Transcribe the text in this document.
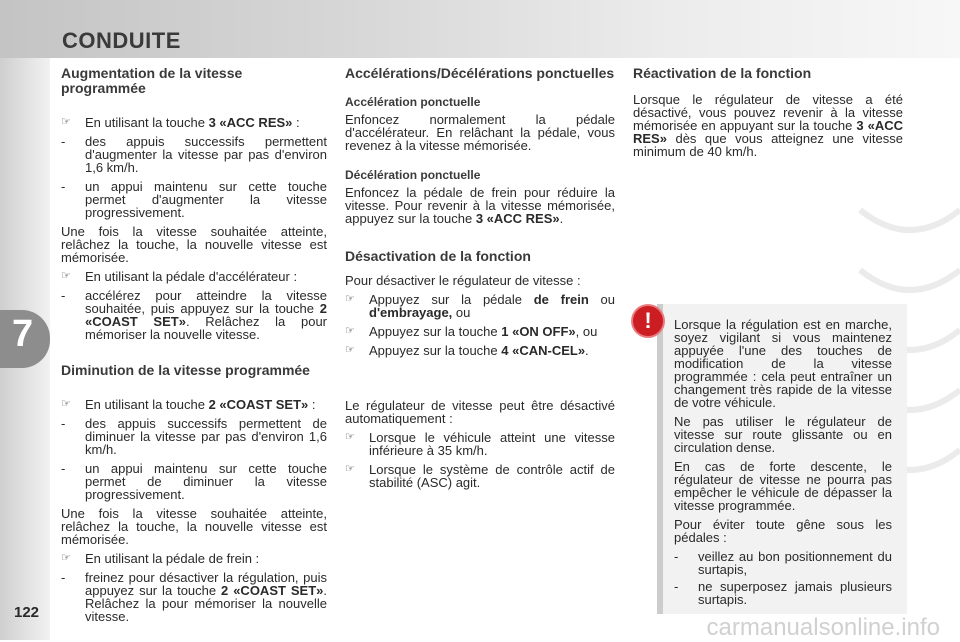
CONDUITE
7
122
Augmentation de la vitesse programmée
☞ En utilisant la touche 3 «ACC RES» :
- des appuis successifs permettent d'augmenter la vitesse par pas d'environ 1,6 km/h.
- un appui maintenu sur cette touche permet d'augmenter la vitesse progressivement.

Une fois la vitesse souhaitée atteinte, relâchez la touche, la nouvelle vitesse est mémorisée.

☞ En utilisant la pédale d'accélérateur :
- accélérez pour atteindre la vitesse souhaitée, puis appuyez sur la touche 2 «COAST SET». Relâchez la pour mémoriser la nouvelle vitesse.
Diminution de la vitesse programmée
☞ En utilisant la touche 2 «COAST SET» :
- des appuis successifs permettent de diminuer la vitesse par pas d'environ 1,6 km/h.
- un appui maintenu sur cette touche permet de diminuer la vitesse progressivement.

Une fois la vitesse souhaitée atteinte, relâchez la touche, la nouvelle vitesse est mémorisée.

☞ En utilisant la pédale de frein :
- freinez pour désactiver la régulation, puis appuyez sur la touche 2 «COAST SET». Relâchez la pour mémoriser la nouvelle vitesse.
Accélérations/Décélérations ponctuelles
Accélération ponctuelle

Enfoncez normalement la pédale d'accélérateur. En relâchant la pédale, vous revenez à la vitesse mémorisée.

Décélération ponctuelle

Enfoncez la pédale de frein pour réduire la vitesse. Pour revenir à la vitesse mémorisée, appuyez sur la touche 3 «ACC RES».

Désactivation de la fonction

Pour désactiver le régulateur de vitesse :

☞ Appuyez sur la pédale de frein ou d'embrayage, ou
☞ Appuyez sur la touche 1 «ON OFF», ou
☞ Appuyez sur la touche 4 «CAN-CEL».

Le régulateur de vitesse peut être désactivé automatiquement :

☞ Lorsque le véhicule atteint une vitesse inférieure à 35 km/h.
☞ Lorsque le système de contrôle actif de stabilité (ASC) agit.
Réactivation de la fonction

Lorsque le régulateur de vitesse a été désactivé, vous pouvez revenir à la vitesse mémorisée en appuyant sur la touche 3 «ACC RES» dès que vous atteignez une vitesse minimum de 40 km/h.

!	Lorsque la régulation est en marche, soyez vigilant si vous maintenez appuyée l'une des touches de modification de la vitesse programmée : cela peut entraîner un changement très rapide de la vitesse de votre véhicule.

Ne pas utiliser le régulateur de vitesse sur route glissante ou en circulation dense.

En cas de forte descente, le régulateur de vitesse ne pourra pas empêcher le véhicule de dépasser la vitesse programmée.

Pour éviter toute gêne sous les pédales :

- veillez au bon positionnement du surtapis,
- ne superposez jamais plusieurs surtapis.
carmanualsonline.info
